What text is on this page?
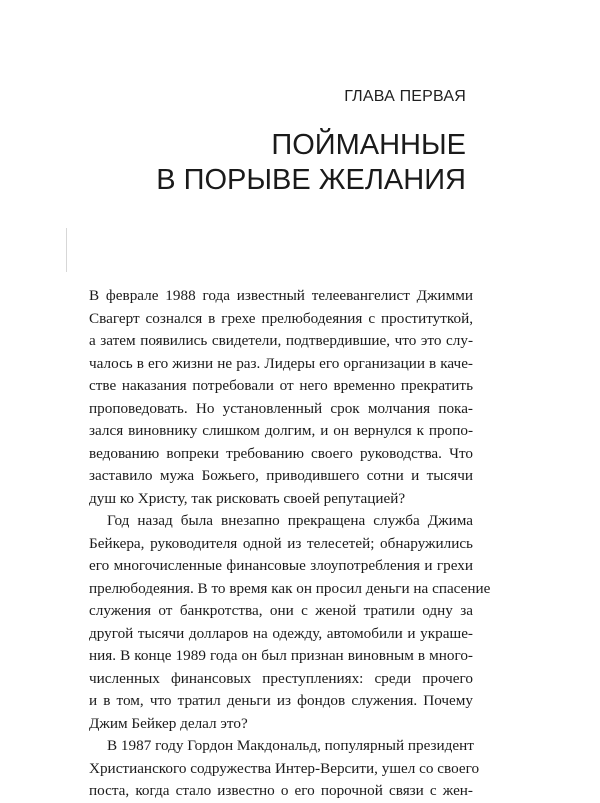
ГЛАВА ПЕРВАЯ
ПОЙМАННЫЕ
В ПОРЫВЕ ЖЕЛАНИЯ
В феврале 1988 года известный телеевангелист Джимми
Свагерт сознался в грехе прелюбодеяния с проституткой,
а затем появились свидетели, подтвердившие, что это слу-
чалось в его жизни не раз. Лидеры его организации в каче-
стве наказания потребовали от него временно прекратить
проповедовать. Но установленный срок молчания пока-
зался виновнику слишком долгим, и он вернулся к пропо-
ведованию вопреки требованию своего руководства. Что
заставило мужа Божьего, приводившего сотни и тысячи
душ ко Христу, так рисковать своей репутацией?
Год назад была внезапно прекращена служба Джима
Бейкера, руководителя одной из телесетей; обнаружились
его многочисленные финансовые злоупотребления и грехи
прелюбодеяния. В то время как он просил деньги на спасение
служения от банкротства, они с женой тратили одну за
другой тысячи долларов на одежду, автомобили и украше-
ния. В конце 1989 года он был признан виновным в много-
численных финансовых преступлениях: среди прочего
и в том, что тратил деньги из фондов служения. Почему
Джим Бейкер делал это?
В 1987 году Гордон Макдональд, популярный президент
Христианского содружества Интер-Версити, ушел со своего
поста, когда стало известно о его порочной связи с жен-
